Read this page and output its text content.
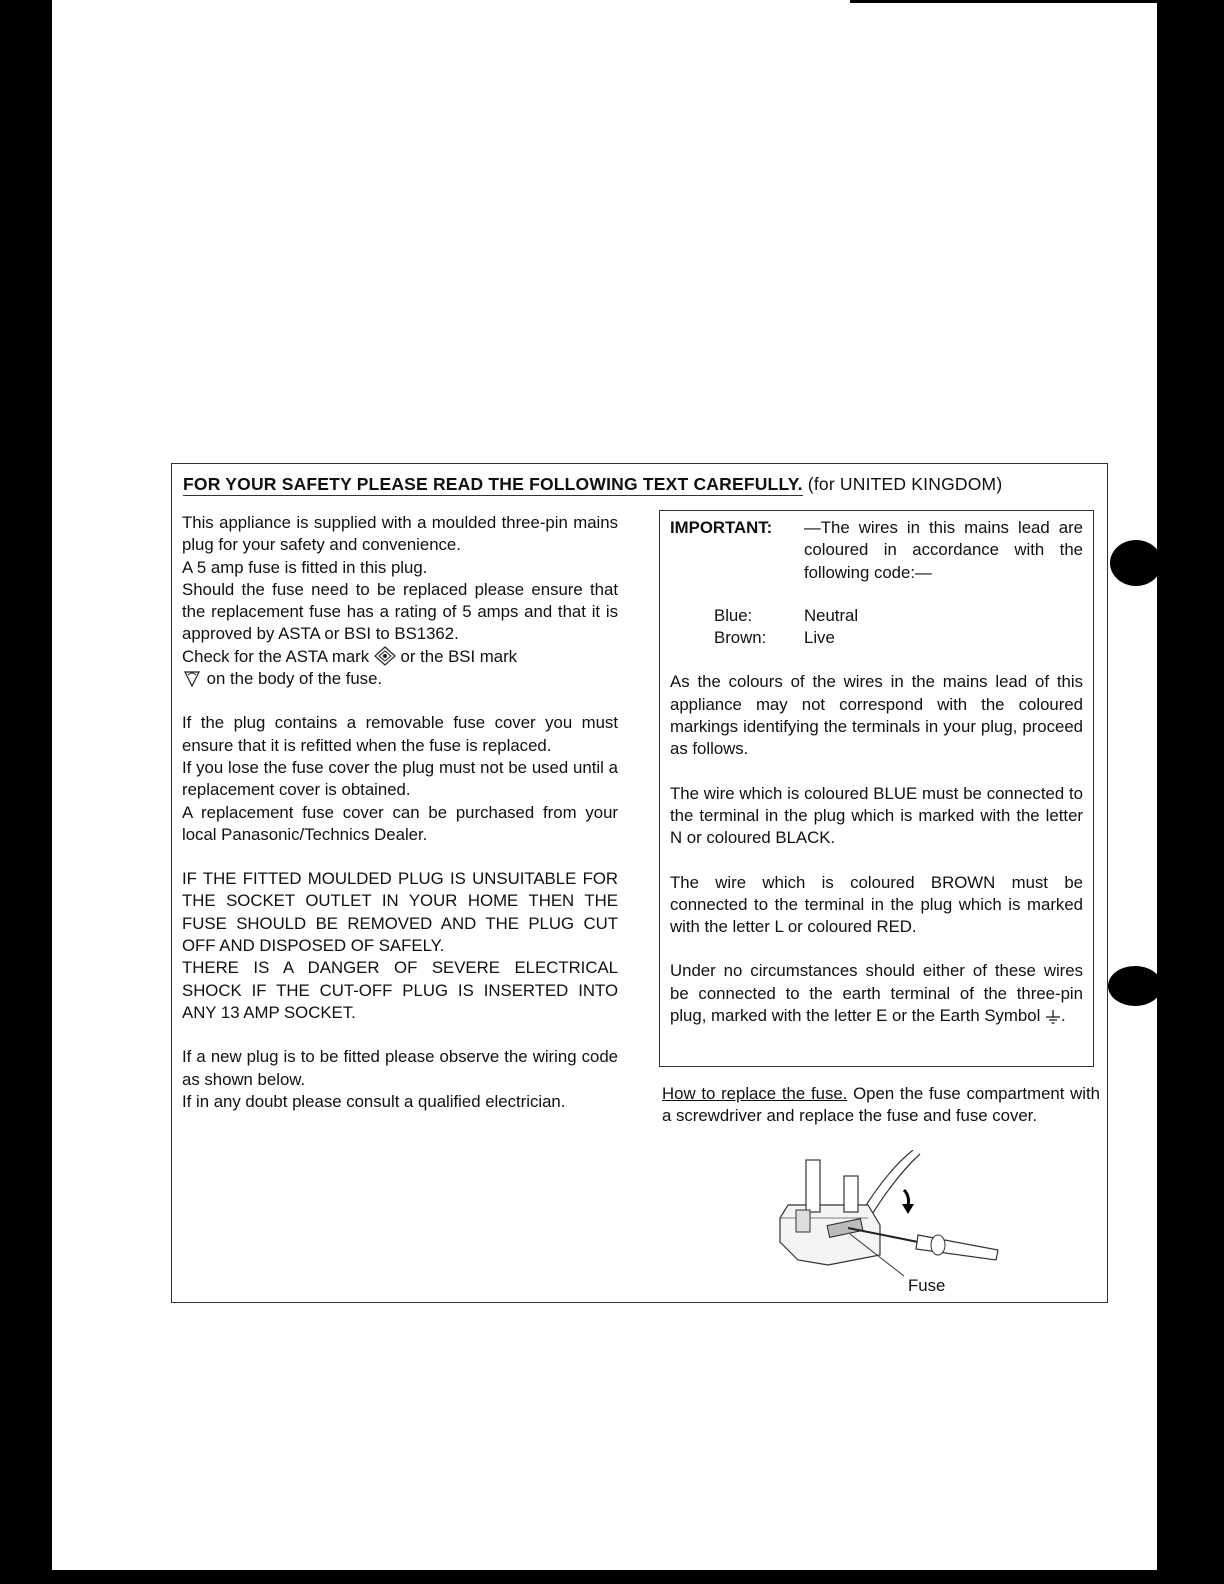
FOR YOUR SAFETY PLEASE READ THE FOLLOWING TEXT CAREFULLY. (for UNITED KINGDOM)

This appliance is supplied with a moulded three-pin mains plug for your safety and convenience.

A 5 amp fuse is fitted in this plug.

Should the fuse need to be replaced please ensure that the replacement fuse has a rating of 5 amps and that it is approved by ASTA or BSI to BS1362.

Check for the ASTA mark or the BSI mark
on the body of the fuse.

If the plug contains a removable fuse cover you must ensure that it is refitted when the fuse is replaced.

If you lose the fuse cover the plug must not be used until a replacement cover is obtained.

A replacement fuse cover can be purchased from your local Panasonic/Technics Dealer.

IF THE FITTED MOULDED PLUG IS UNSUITABLE FOR THE SOCKET OUTLET IN YOUR HOME THEN THE FUSE SHOULD BE REMOVED AND THE PLUG CUT OFF AND DISPOSED OF SAFELY.

THERE IS A DANGER OF SEVERE ELECTRICAL SHOCK IF THE CUT-OFF PLUG IS INSERTED INTO ANY 13 AMP SOCKET.

If a new plug is to be fitted please observe the wiring code as shown below.

If in any doubt please consult a qualified electrician.

IMPORTANT:	—The wires in this mains lead are coloured in accordance with the following code:—
Blue:	Neutral
Brown:	Live

As the colours of the wires in the mains lead of this appliance may not correspond with the coloured markings identifying the terminals in your plug, proceed as follows.

The wire which is coloured BLUE must be connected to the terminal in the plug which is marked with the letter N or coloured BLACK.

The wire which is coloured BROWN must be connected to the terminal in the plug which is marked with the letter L or coloured RED.

Under no circumstances should either of these wires be connected to the earth terminal of the three-pin plug, marked with the letter E or the Earth Symbol .

How to replace the fuse. Open the fuse compartment with a screwdriver and replace the fuse and fuse cover.
Fuse
